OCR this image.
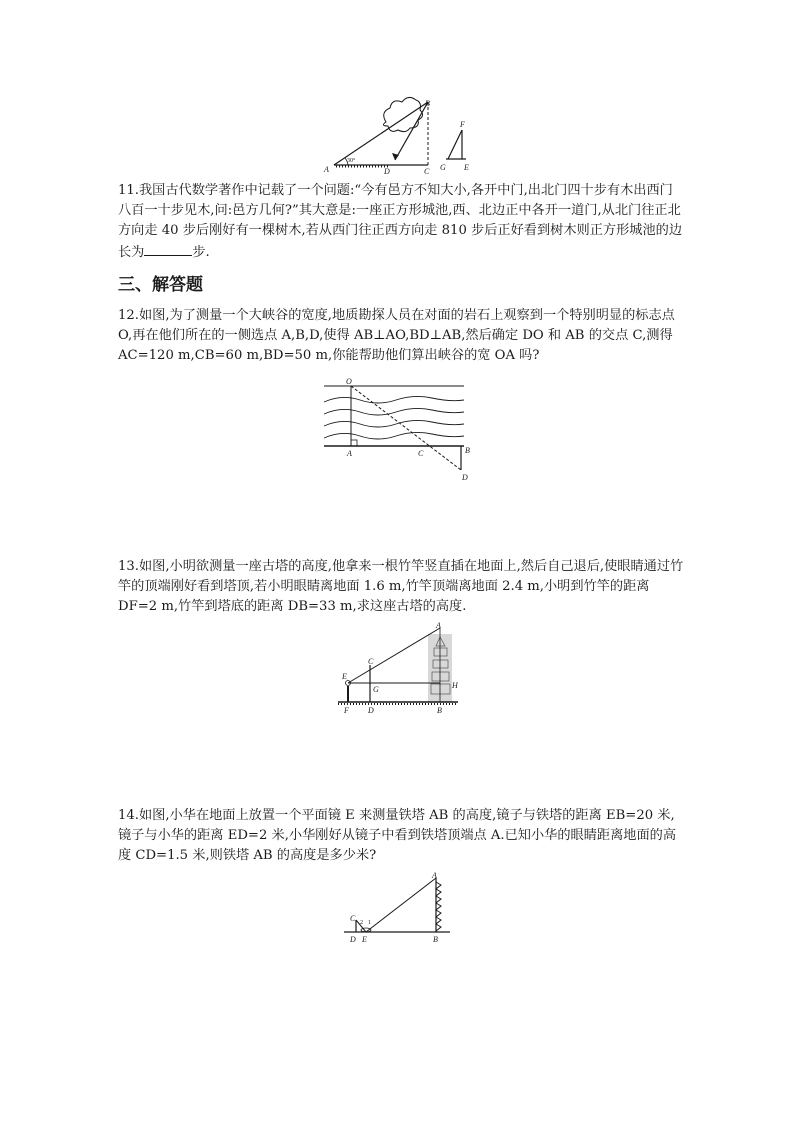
A
B
C
D
30°
F
G E

11.我国古代数学著作中记载了一个问题:“今有邑方不知大小,各开中门,出北门四十步有木出西门八百一十步见木,问:邑方几何?”其大意是:一座正方形城池,西、北边正中各开一道门,从北门往正北方向走 40 步后刚好有一棵树木,若从西门往正西方向走 810 步后正好看到树木则正方形城池的边长为	步.

三、解答题

12.如图,为了测量一个大峡谷的宽度,地质勘探人员在对面的岩石上观察到一个特别明显的标志点 O,再在他们所在的一侧选点 A,B,D,使得 AB⊥AO,BD⊥AB,然后确定 DO 和 AB 的交点 C,测得 AC=120 m,CB=60 m,BD=50 m,你能帮助他们算出峡谷的宽 OA 吗?

O
A	C	B
D

13.如图,小明欲测量一座古塔的高度,他拿来一根竹竿竖直插在地面上,然后自己退后,使眼睛通过竹竿的顶端刚好看到塔顶,若小明眼睛离地面 1.6 m,竹竿顶端离地面 2.4 m,小明到竹竿的距离 DF=2 m,竹竿到塔底的距离 DB=33 m,求这座古塔的高度.

A
C
E
G	H
F D	B

14.如图,小华在地面上放置一个平面镜 E 来测量铁塔 AB 的高度,镜子与铁塔的距离 EB=20 米,镜子与小华的距离 ED=2 米,小华刚好从镜子中看到铁塔顶端点 A.已知小华的眼睛距离地面的高度 CD=1.5 米,则铁塔 AB 的高度是多少米?

A
C 2 1
D E	B
